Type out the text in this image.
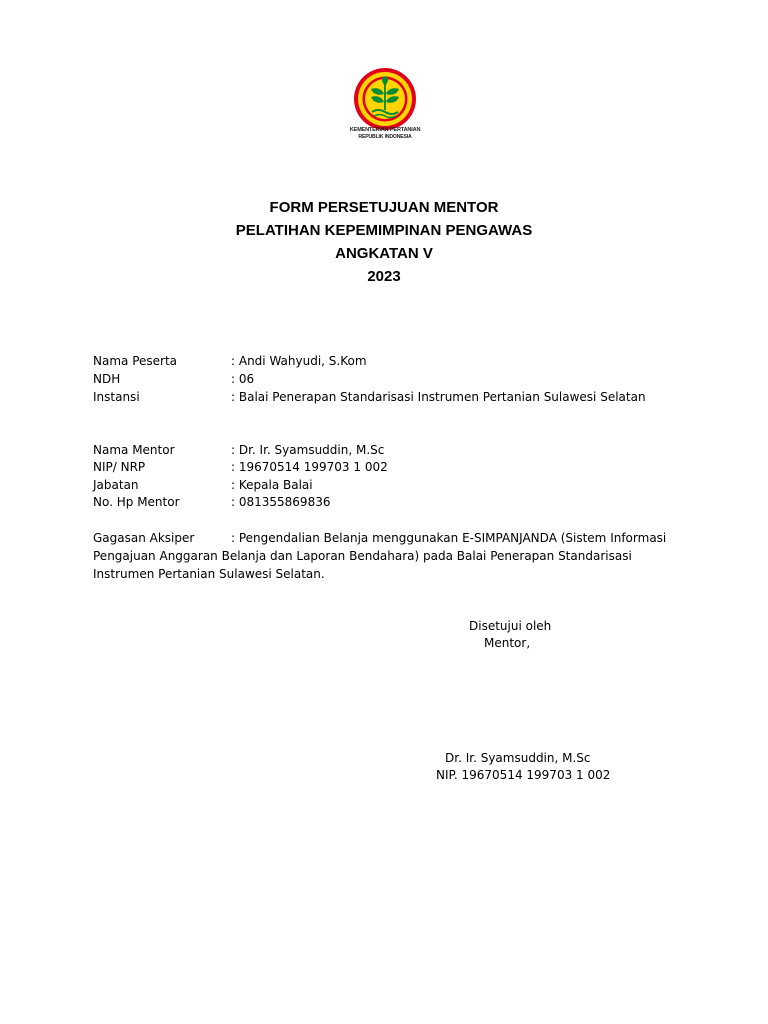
KEMENTERIAN PERTANIAN
REPUBLIK INDONESIA
FORM PERSETUJUAN MENTOR
PELATIHAN KEPEMIMPINAN PENGAWAS
ANGKATAN V
2023
Nama Peserta	: Andi Wahyudi, S.Kom
NDH	: 06
Instansi	: Balai Penerapan Standarisasi Instrumen Pertanian Sulawesi Selatan
Nama Mentor	: Dr. Ir. Syamsuddin, M.Sc
NIP/ NRP	: 19670514 199703 1 002
Jabatan	: Kepala Balai
No. Hp Mentor	: 081355869836
Gagasan Aksiper	: Pengendalian Belanja menggunakan E-SIMPANJANDA (Sistem Informasi Pengajuan Anggaran Belanja dan Laporan Bendahara) pada Balai Penerapan Standarisasi Instrumen Pertanian Sulawesi Selatan.
Disetujui oleh
Mentor,
Dr. Ir. Syamsuddin, M.Sc
NIP. 19670514 199703 1 002
